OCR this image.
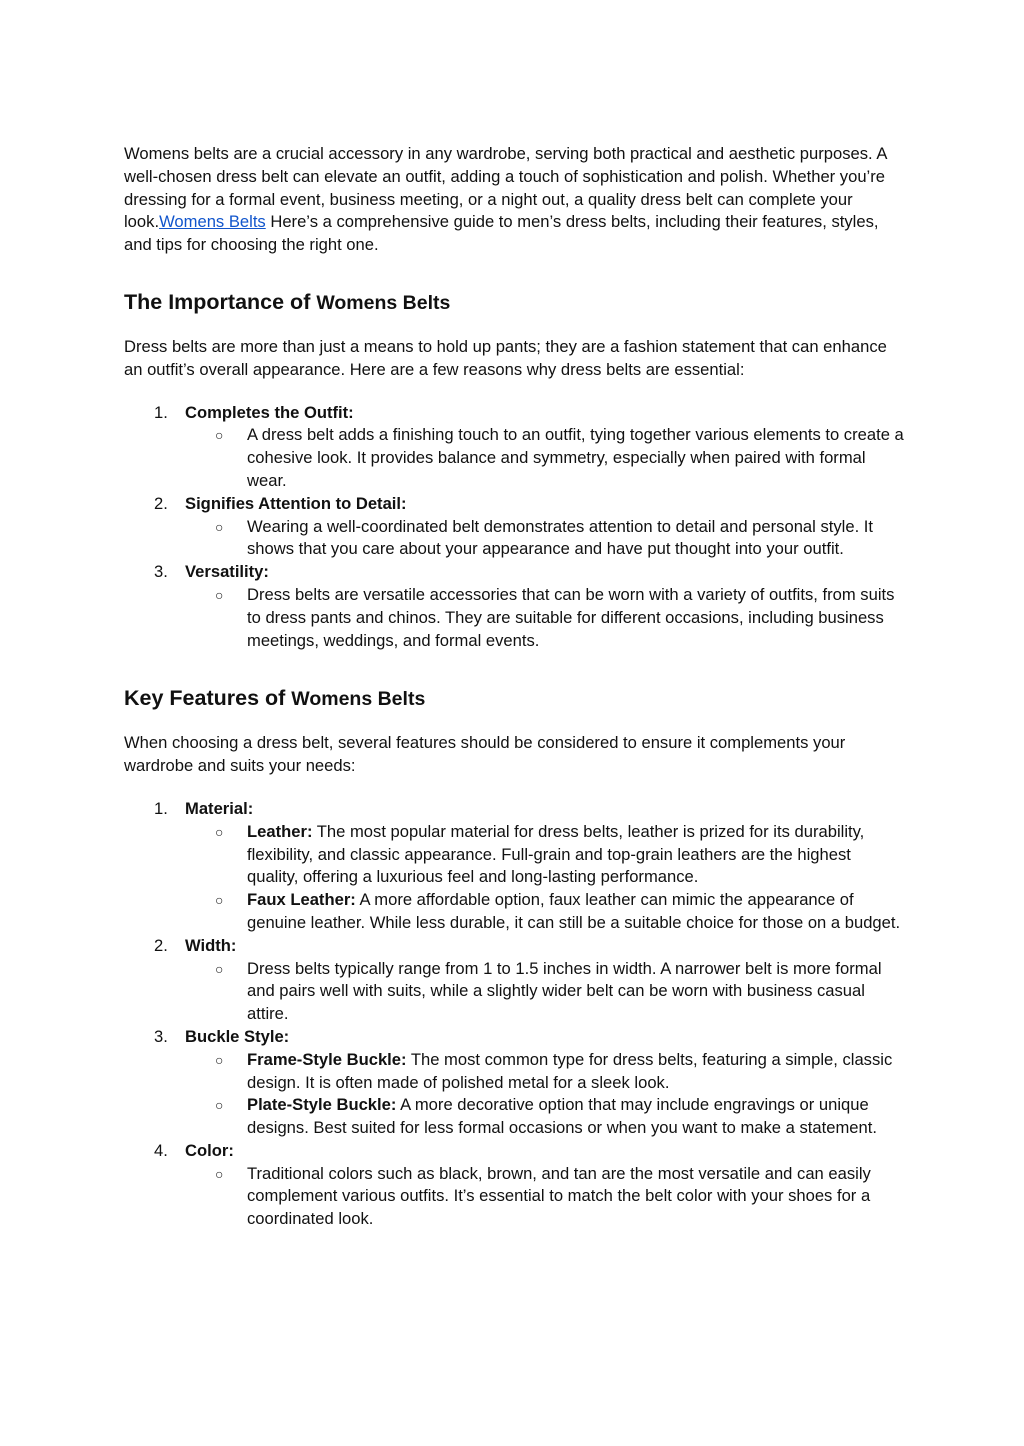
Womens belts are a crucial accessory in any wardrobe, serving both practical and aesthetic purposes. A well-chosen dress belt can elevate an outfit, adding a touch of sophistication and polish. Whether you’re dressing for a formal event, business meeting, or a night out, a quality dress belt can complete your look.Womens Belts Here’s a comprehensive guide to men’s dress belts, including their features, styles, and tips for choosing the right one.

The Importance of Womens Belts

Dress belts are more than just a means to hold up pants; they are a fashion statement that can enhance an outfit’s overall appearance. Here are a few reasons why dress belts are essential:

1. Completes the Outfit:
○ A dress belt adds a finishing touch to an outfit, tying together various elements to create a cohesive look. It provides balance and symmetry, especially when paired with formal wear.
2. Signifies Attention to Detail:
○ Wearing a well-coordinated belt demonstrates attention to detail and personal style. It shows that you care about your appearance and have put thought into your outfit.
3. Versatility:
○ Dress belts are versatile accessories that can be worn with a variety of outfits, from suits to dress pants and chinos. They are suitable for different occasions, including business meetings, weddings, and formal events.
Key Features of Womens Belts

When choosing a dress belt, several features should be considered to ensure it complements your wardrobe and suits your needs:

1. Material:
○ Leather: The most popular material for dress belts, leather is prized for its durability, flexibility, and classic appearance. Full-grain and top-grain leathers are the highest quality, offering a luxurious feel and long-lasting performance.
○ Faux Leather: A more affordable option, faux leather can mimic the appearance of genuine leather. While less durable, it can still be a suitable choice for those on a budget.
2. Width:
○ Dress belts typically range from 1 to 1.5 inches in width. A narrower belt is more formal and pairs well with suits, while a slightly wider belt can be worn with business casual attire.
3. Buckle Style:
○ Frame-Style Buckle: The most common type for dress belts, featuring a simple, classic design. It is often made of polished metal for a sleek look.
○ Plate-Style Buckle: A more decorative option that may include engravings or unique designs. Best suited for less formal occasions or when you want to make a statement.
4. Color:
○ Traditional colors such as black, brown, and tan are the most versatile and can easily complement various outfits. It’s essential to match the belt color with your shoes for a coordinated look.
